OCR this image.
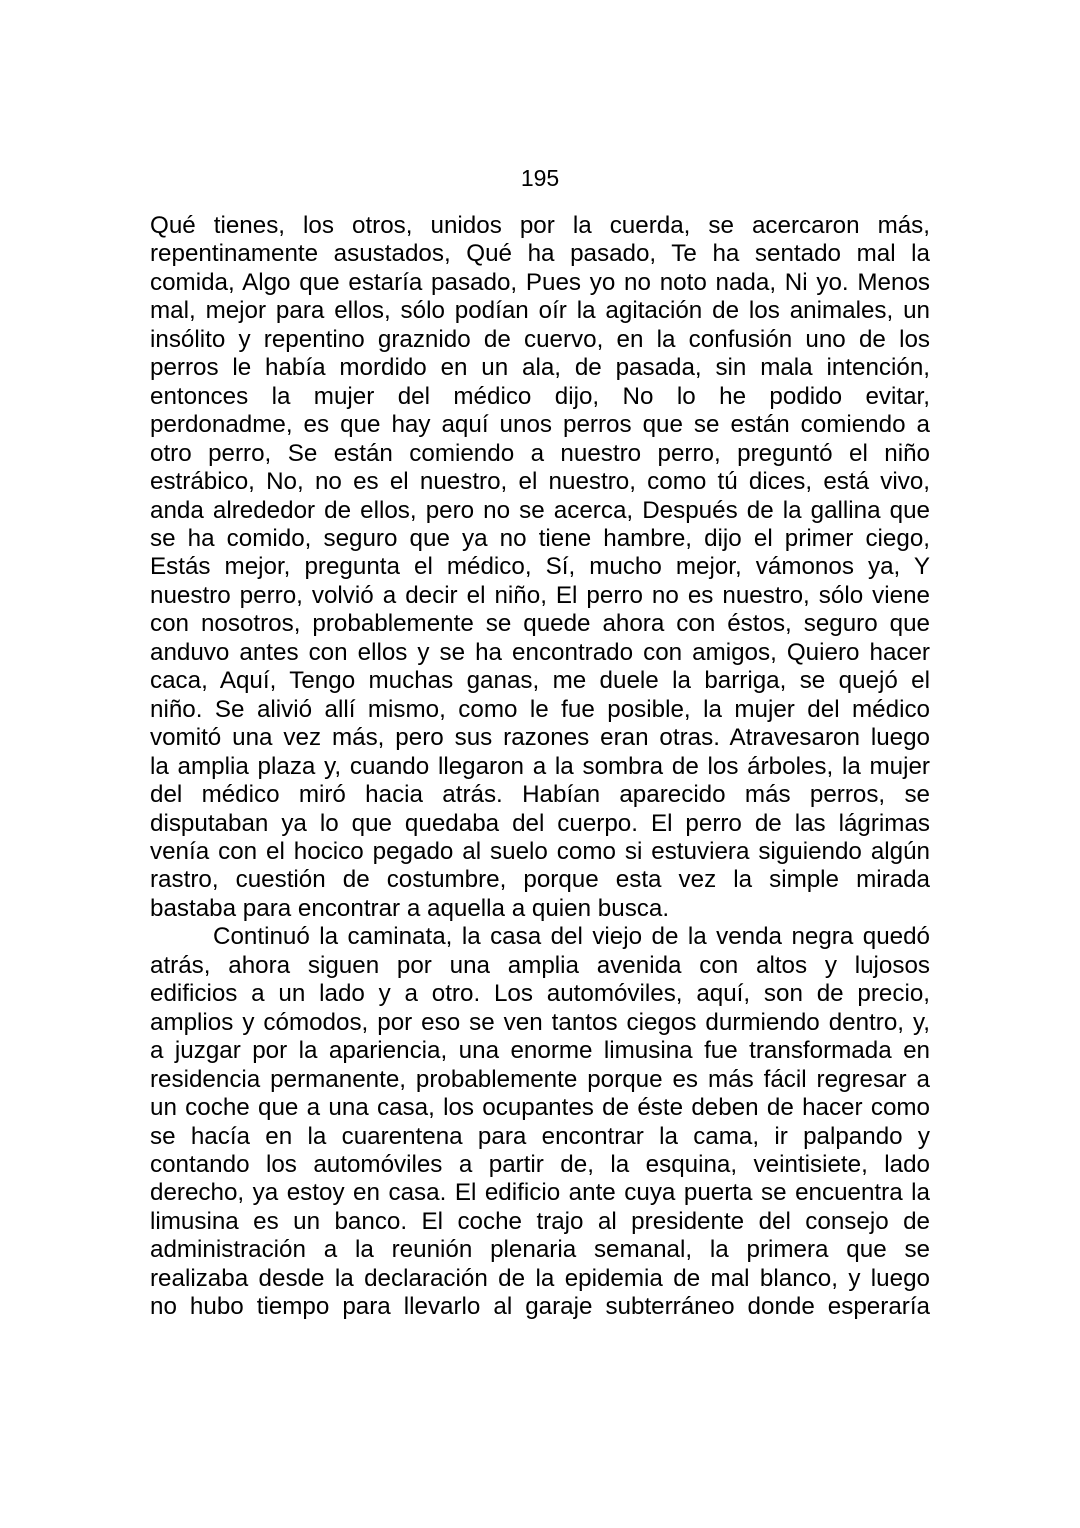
195

Qué tienes, los otros, unidos por la cuerda, se acercaron más,

repentinamente asustados, Qué ha pasado, Te ha sentado mal la

comida, Algo que estaría pasado, Pues yo no noto nada, Ni yo. Menos

mal, mejor para ellos, sólo podían oír la agitación de los animales, un

insólito y repentino graznido de cuervo, en la confusión uno de los

perros le había mordido en un ala, de pasada, sin mala intención,

entonces la mujer del médico dijo, No lo he podido evitar,

perdonadme, es que hay aquí unos perros que se están comiendo a

otro perro, Se están comiendo a nuestro perro, preguntó el niño

estrábico, No, no es el nuestro, el nuestro, como tú dices, está vivo,

anda alrededor de ellos, pero no se acerca, Después de la gallina que

se ha comido, seguro que ya no tiene hambre, dijo el primer ciego,

Estás mejor, pregunta el médico, Sí, mucho mejor, vámonos ya, Y

nuestro perro, volvió a decir el niño, El perro no es nuestro, sólo viene

con nosotros, probablemente se quede ahora con éstos, seguro que

anduvo antes con ellos y se ha encontrado con amigos, Quiero hacer

caca, Aquí, Tengo muchas ganas, me duele la barriga, se quejó el

niño. Se alivió allí mismo, como le fue posible, la mujer del médico

vomitó una vez más, pero sus razones eran otras. Atravesaron luego

la amplia plaza y, cuando llegaron a la sombra de los árboles, la mujer

del médico miró hacia atrás. Habían aparecido más perros, se

disputaban ya lo que quedaba del cuerpo. El perro de las lágrimas

venía con el hocico pegado al suelo como si estuviera siguiendo algún

rastro, cuestión de costumbre, porque esta vez la simple mirada

bastaba para encontrar a aquella a quien busca.

Continuó la caminata, la casa del viejo de la venda negra quedó

atrás, ahora siguen por una amplia avenida con altos y lujosos

edificios a un lado y a otro. Los automóviles, aquí, son de precio,

amplios y cómodos, por eso se ven tantos ciegos durmiendo dentro, y,

a juzgar por la apariencia, una enorme limusina fue transformada en

residencia permanente, probablemente porque es más fácil regresar a

un coche que a una casa, los ocupantes de éste deben de hacer como

se hacía en la cuarentena para encontrar la cama, ir palpando y

contando los automóviles a partir de, la esquina, veintisiete, lado

derecho, ya estoy en casa. El edificio ante cuya puerta se encuentra la

limusina es un banco. El coche trajo al presidente del consejo de

administración a la reunión plenaria semanal, la primera que se

realizaba desde la declaración de la epidemia de mal blanco, y luego

no hubo tiempo para llevarlo al garaje subterráneo donde esperaría
